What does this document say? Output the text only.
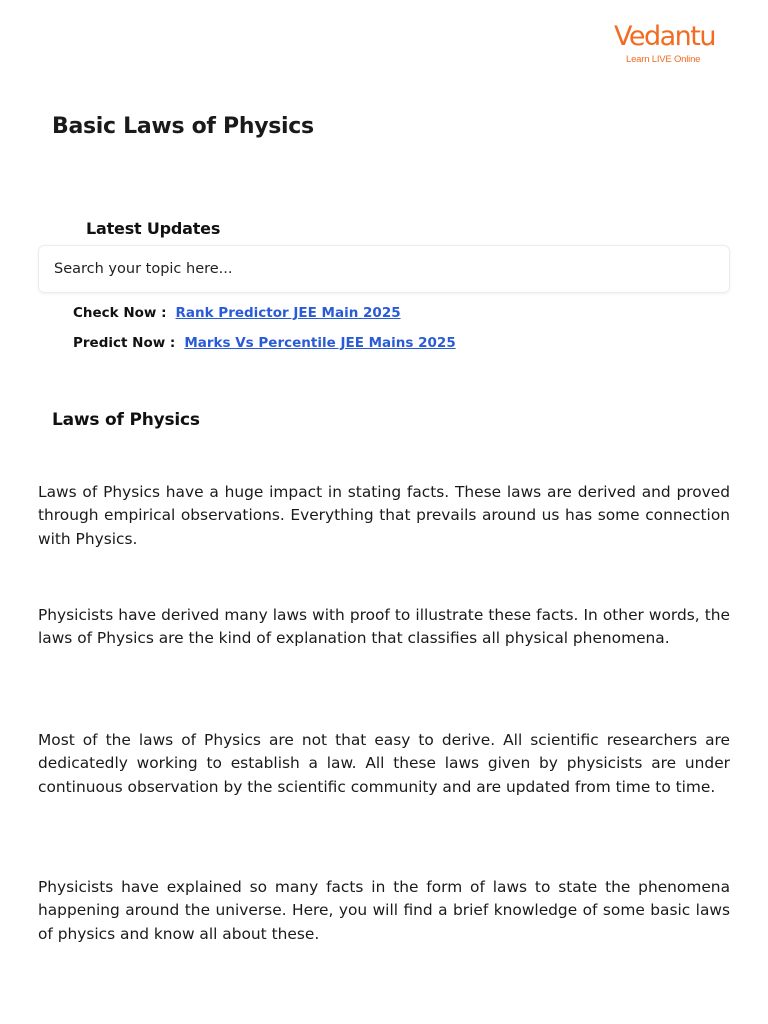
Vedantu
Learn LIVE Online
Basic Laws of Physics
Latest Updates
Search your topic here...
Check Now : Rank Predictor JEE Main 2025
Predict Now : Marks Vs Percentile JEE Mains 2025
Laws of Physics

Laws of Physics have a huge impact in stating facts. These laws are derived and proved through empirical observations. Everything that prevails around us has some connection with Physics.

Physicists have derived many laws with proof to illustrate these facts. In other words, the laws of Physics are the kind of explanation that classifies all physical phenomena.

Most of the laws of Physics are not that easy to derive. All scientific researchers are dedicatedly working to establish a law. All these laws given by physicists are under continuous observation by the scientific community and are updated from time to time.

Physicists have explained so many facts in the form of laws to state the phenomena happening around the universe. Here, you will find a brief knowledge of some basic laws of physics and know all about these.
